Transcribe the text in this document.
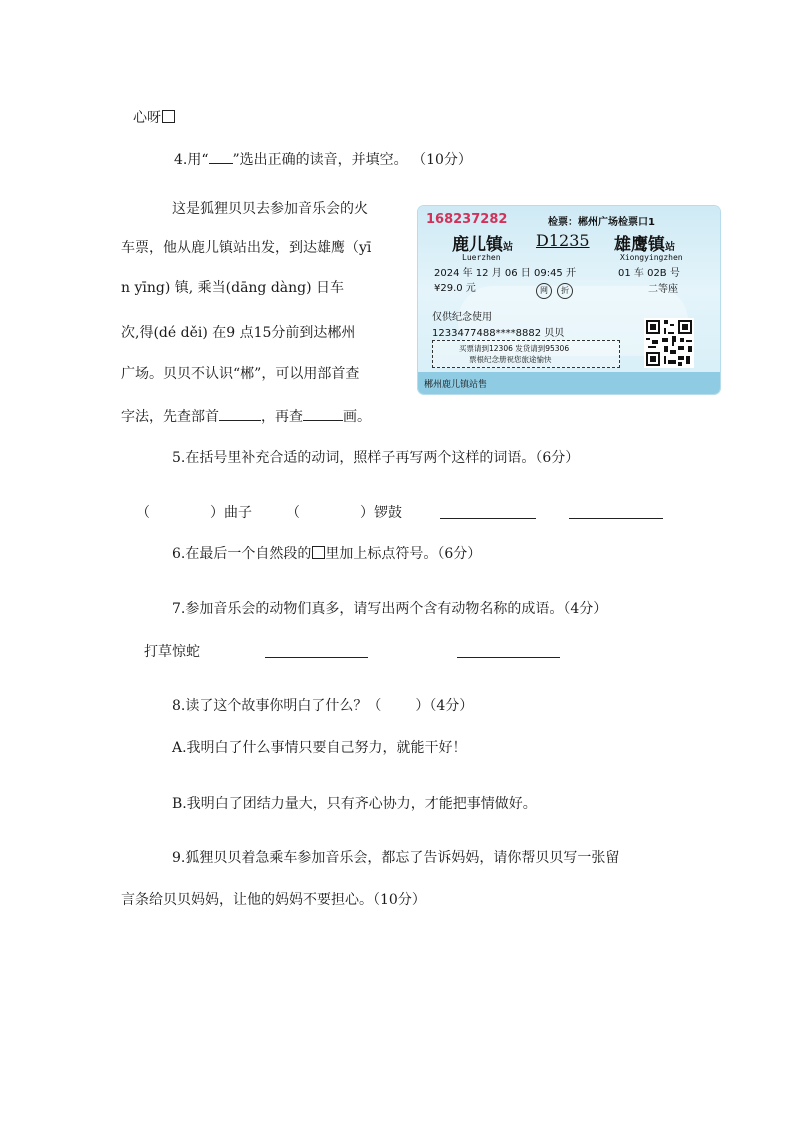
心呀
4.用“ ”选出正确的读音，并填空。 （10分）
这是狐狸贝贝去参加音乐会的火
车票，他从鹿儿镇站出发，到达雄鹰（yī
n yīng) 镇, 乘当(dāng dàng) 日车
次,得(dé děi) 在9 点15分前到达郴州
广场。贝贝不认识“郴”，可以用部首查
字法，先查部首	，再查	画。
168237282	检票：郴州广场检票口1
鹿儿镇站 D1235 雄鹰镇站
Luerzhen	Xiongyingzhen
2024 年 12 月 06 日 09:45 开	01 车 02B 号
¥29.0 元	网 折	二等座
仅供纪念使用
1233477488****8882 贝贝
买票请到12306 发货请到95306
票根纪念册祝您旅途愉快
郴州鹿儿镇站售
5.在括号里补充合适的动词，照样子再写两个这样的词语。（6分）
（	）曲子 （	）锣鼓
6.在最后一个自然段的 里加上标点符号。（6分）
7.参加音乐会的动物们真多，请写出两个含有动物名称的成语。（4分）
打草惊蛇
8.读了这个故事你明白了什么？（ ）（4分）
A.我明白了什么事情只要自己努力，就能干好！
B.我明白了团结力量大，只有齐心协力，才能把事情做好。
9.狐狸贝贝着急乘车参加音乐会，都忘了告诉妈妈，请你帮贝贝写一张留
言条给贝贝妈妈，让他的妈妈不要担心。（10分）
